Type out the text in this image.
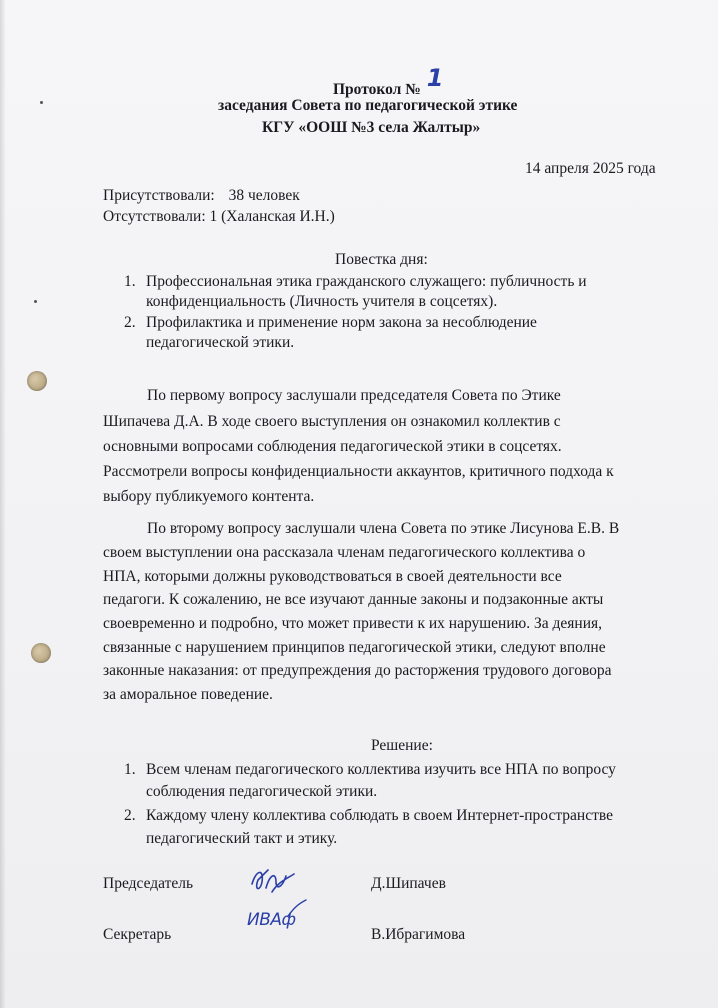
Протокол № 1
заседания Совета по педагогической этике
КГУ «ООШ №3 села Жалтыр»
14 апреля 2025 года
Присутствовали: 38 человек
Отсутствовали: 1 (Халанская И.Н.)
Повестка дня:
1. Профессиональная этика гражданского служащего: публичность и
конфиденциальность (Личность учителя в соцсетях).
2. Профилактика и применение норм закона за несоблюдение
педагогической этики.
По первому вопросу заслушали председателя Совета по Этике
Шипачева Д.А. В ходе своего выступления он ознакомил коллектив с
основными вопросами соблюдения педагогической этики в соцсетях.
Рассмотрели вопросы конфиденциальности аккаунтов, критичного подхода к
выбору публикуемого контента.
По второму вопросу заслушали члена Совета по этике Лисунова Е.В. В
своем выступлении она рассказала членам педагогического коллектива о
НПА, которыми должны руководствоваться в своей деятельности все
педагоги. К сожалению, не все изучают данные законы и подзаконные акты
своевременно и подробно, что может привести к их нарушению. За деяния,
связанные с нарушением принципов педагогической этики, следуют вполне
законные наказания: от предупреждения до расторжения трудового договора
за аморальное поведение.
Решение:
1. Всем членам педагогического коллектива изучить все НПА по вопросу
соблюдения педагогической этики.
2. Каждому члену коллектива соблюдать в своем Интернет-пространстве
педагогический такт и этику.
Председатель	Д.Шипачев
Секретарь
ИВАф
В.Ибрагимова
